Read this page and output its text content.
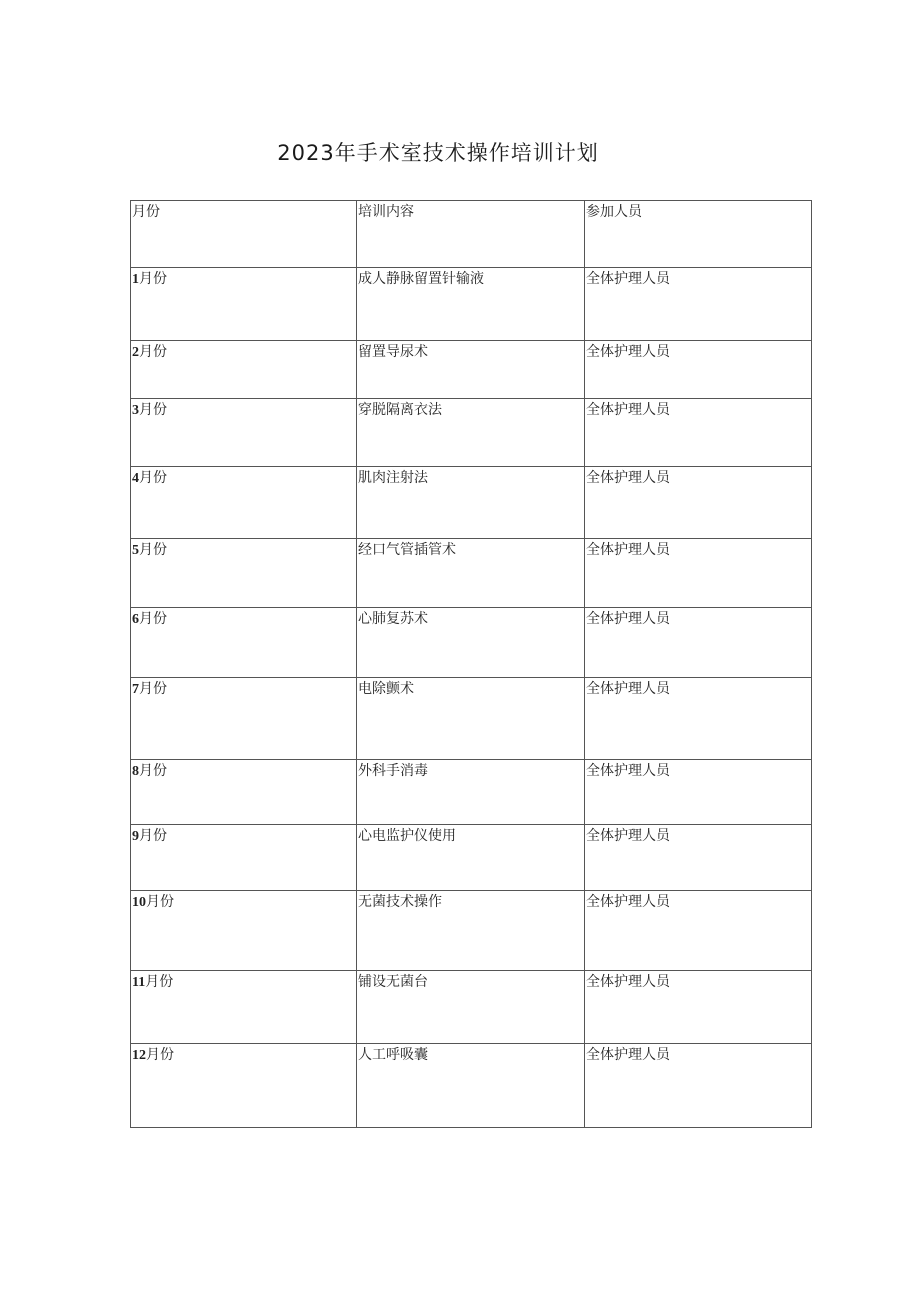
2023年手术室技术操作培训计划
月份	培训内容	参加人员
1月份	成人静脉留置针输液	全体护理人员
2月份	留置导尿术	全体护理人员
3月份	穿脱隔离衣法	全体护理人员
4月份	肌肉注射法	全体护理人员
5月份	经口气管插管术	全体护理人员
6月份	心肺复苏术	全体护理人员
7月份	电除颤术	全体护理人员
8月份	外科手消毒	全体护理人员
9月份	心电监护仪使用	全体护理人员
10月份	无菌技术操作	全体护理人员
11月份	铺设无菌台	全体护理人员
12月份	人工呼吸囊	全体护理人员
